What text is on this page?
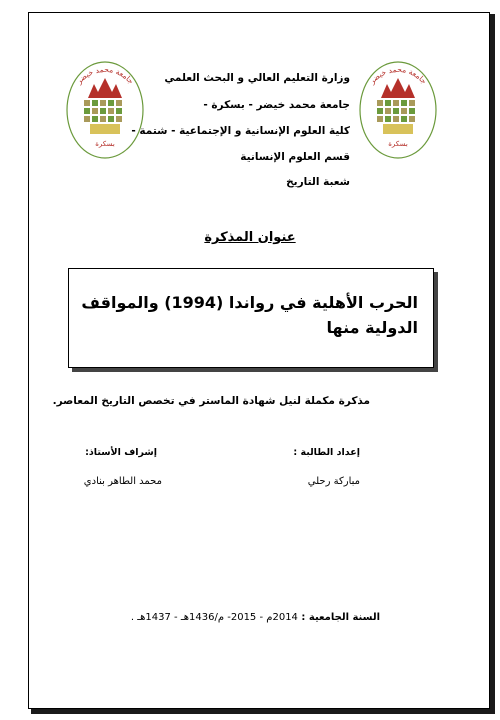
جامعة محمد خيضر
بسكرة
جامعة محمد خيضر
بسكرة
وزارة التعليم العالي و البحث العلمي
جامعة محمد خيضر - بسكرة -
كلية العلوم الإنسانية و الإجتماعية - شتمة -
قسم العلوم الإنسانية
شعبة التاريخ
عنوان المذكرة
الحرب الأهلية في رواندا (1994) والمواقف الدولية منها
مذكرة مكملة لنيل شهادة الماستر في تخصص التاريخ المعاصر.
إعداد الطالبة :
مباركة رحلي
إشراف الأستاذ:
محمد الطاهر بنادي
السنة الجامعية : 2014م - 2015- م/1436هـ - 1437هـ .
